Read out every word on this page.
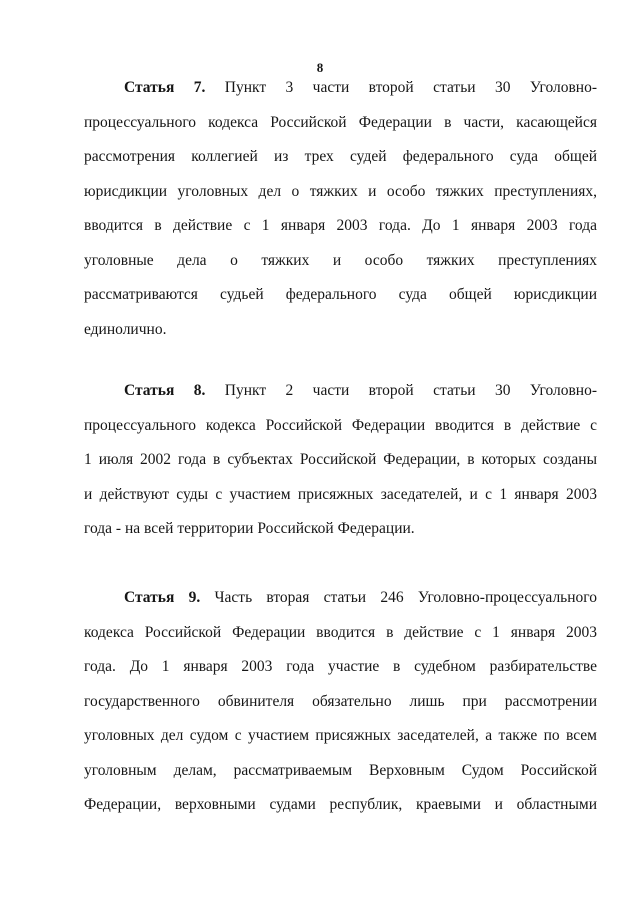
8
Статья 7. Пункт 3 части второй статьи 30 Уголовно-
процессуального кодекса Российской Федерации в части, касающейся
рассмотрения коллегией из трех судей федерального суда общей
юрисдикции уголовных дел о тяжких и особо тяжких преступлениях,
вводится в действие с 1 января 2003 года. До 1 января 2003 года
уголовные дела о тяжких и особо тяжких преступлениях
рассматриваются судьей федерального суда общей юрисдикции
единолично.
Статья 8. Пункт 2 части второй статьи 30 Уголовно-
процессуального кодекса Российской Федерации вводится в действие с
1 июля 2002 года в субъектах Российской Федерации, в которых созданы
и действуют суды с участием присяжных заседателей, и с 1 января 2003
года - на всей территории Российской Федерации.
Статья 9. Часть вторая статьи 246 Уголовно-процессуального
кодекса Российской Федерации вводится в действие с 1 января 2003
года. До 1 января 2003 года участие в судебном разбирательстве
государственного обвинителя обязательно лишь при рассмотрении
уголовных дел судом с участием присяжных заседателей, а также по всем
уголовным делам, рассматриваемым Верховным Судом Российской
Федерации, верховными судами республик, краевыми и областными
